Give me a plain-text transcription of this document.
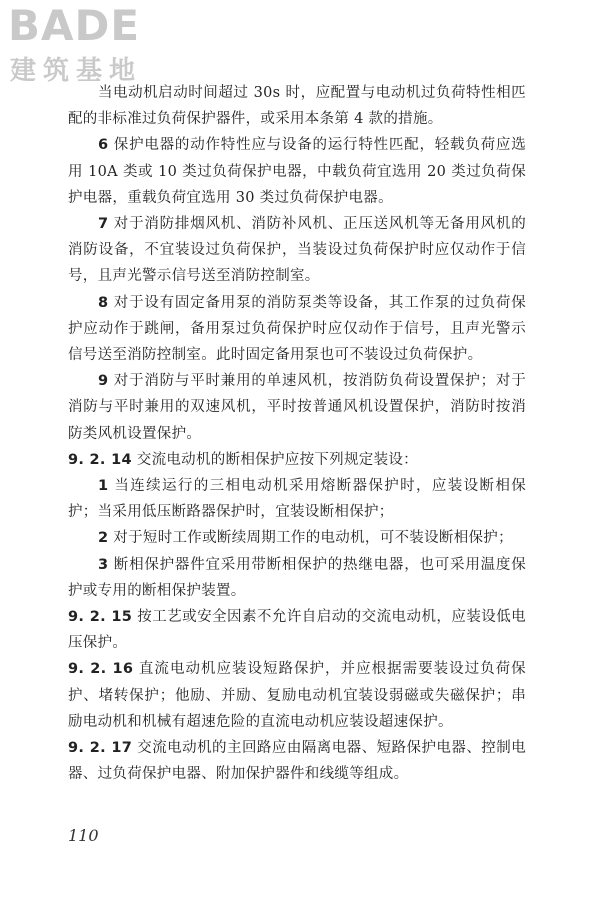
BADE
建筑基地

当电动机启动时间超过 30s 时，应配置与电动机过负荷特性相匹配的非标准过负荷保护器件，或采用本条第 4 款的措施。

6 保护电器的动作特性应与设备的运行特性匹配，轻载负荷应选用 10A 类或 10 类过负荷保护电器，中载负荷宜选用 20 类过负荷保护电器，重载负荷宜选用 30 类过负荷保护电器。

7 对于消防排烟风机、消防补风机、正压送风机等无备用风机的消防设备，不宜装设过负荷保护，当装设过负荷保护时应仅动作于信号，且声光警示信号送至消防控制室。

8 对于设有固定备用泵的消防泵类等设备，其工作泵的过负荷保护应动作于跳闸，备用泵过负荷保护时应仅动作于信号，且声光警示信号送至消防控制室。此时固定备用泵也可不装设过负荷保护。

9 对于消防与平时兼用的单速风机，按消防负荷设置保护；对于消防与平时兼用的双速风机，平时按普通风机设置保护，消防时按消防类风机设置保护。

9. 2. 14 交流电动机的断相保护应按下列规定装设：

1 当连续运行的三相电动机采用熔断器保护时，应装设断相保护；当采用低压断路器保护时，宜装设断相保护；

2 对于短时工作或断续周期工作的电动机，可不装设断相保护；

3 断相保护器件宜采用带断相保护的热继电器，也可采用温度保护或专用的断相保护装置。

9. 2. 15 按工艺或安全因素不允许自启动的交流电动机，应装设低电压保护。

9. 2. 16 直流电动机应装设短路保护，并应根据需要装设过负荷保护、堵转保护；他励、并励、复励电动机宜装设弱磁或失磁保护；串励电动机和机械有超速危险的直流电动机应装设超速保护。

9. 2. 17 交流电动机的主回路应由隔离电器、短路保护电器、控制电器、过负荷保护电器、附加保护器件和线缆等组成。

110
